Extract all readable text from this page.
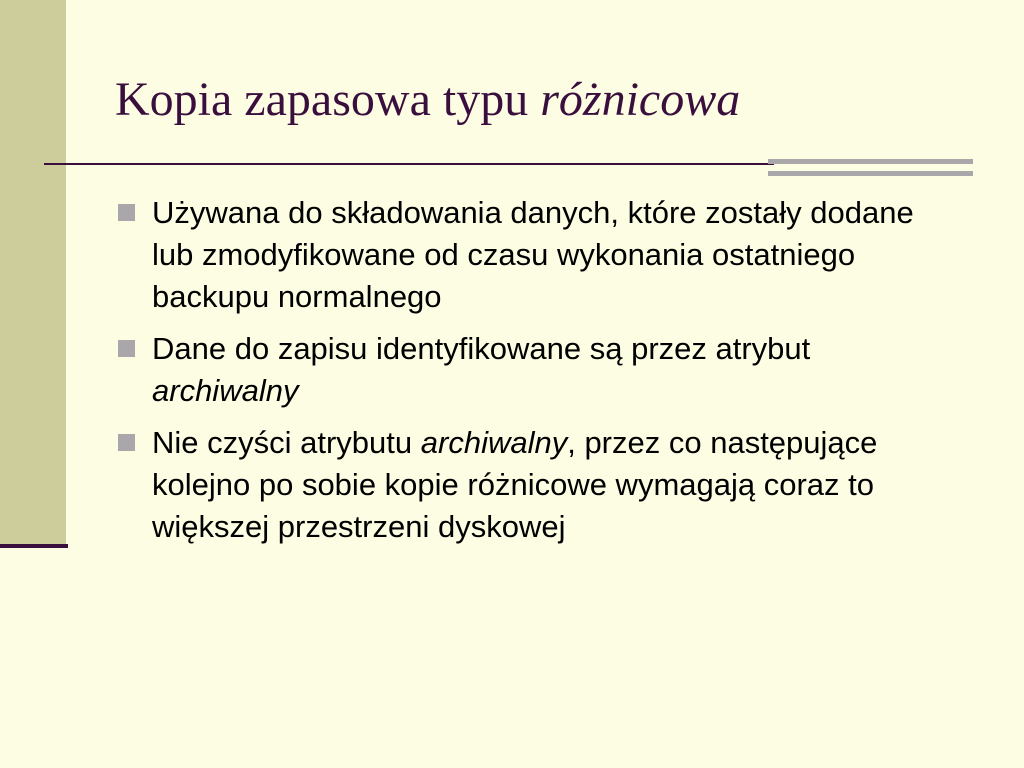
Kopia zapasowa typu różnicowa
Używana do składowania danych, które zostały dodane lub zmodyfikowane od czasu wykonania ostatniego backupu normalnego
Dane do zapisu identyfikowane są przez atrybut archiwalny
Nie czyści atrybutu archiwalny, przez co następujące kolejno po sobie kopie różnicowe wymagają coraz to większej przestrzeni dyskowej
